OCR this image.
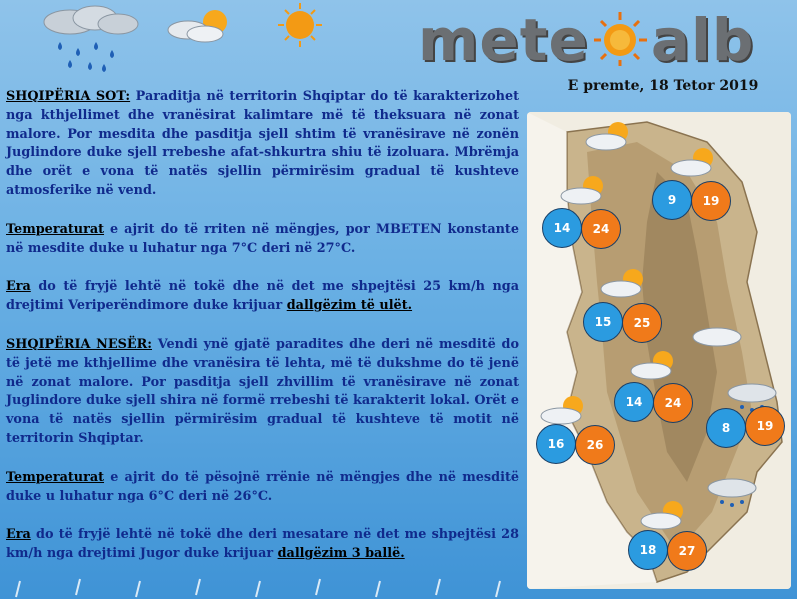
mete alb
E premte, 18 Tetor 2019

SHQIPËRIA SOT: Paraditja në territorin Shqiptar do të karakterizohet nga kthjellimet dhe vranësirat kalimtare më të theksuara në zonat malore. Por mesdita dhe pasditja sjell shtim të vranësirave në zonën Juglindore duke sjell rrebeshe afat-shkurtra shiu të izoluara. Mbrëmja dhe orët e vona të natës sjellin përmirësim gradual të kushteve atmosferike në vend.

Temperaturat e ajrit do të rriten në mëngjes, por MBETEN konstante në mesdite duke u luhatur nga 7°C deri në 27°C.

Era do të fryjë lehtë në tokë dhe në det me shpejtësi 25 km/h nga drejtimi Veriperëndimore duke krijuar dallgëzim të ulët.

SHQIPËRIA NESËR: Vendi ynë gjatë paradites dhe deri në mesditë do të jetë me kthjellime dhe vranësira të lehta, më të dukshme do të jenë në zonat malore. Por pasditja sjell zhvillim të vranësirave në zonat Juglindore duke sjell shira në formë rrebeshi të karakterit lokal. Orët e vona të natës sjellin përmirësim gradual të kushteve të motit në territorin Shqiptar.

Temperaturat e ajrit do të pësojnë rrënie në mëngjes dhe në mesditë duke u luhatur nga 6°C deri në 26°C.

Era do të fryjë lehtë në tokë dhe deri mesatare në det me shpejtësi 28 km/h nga drejtimi Jugor duke krijuar dallgëzim 3 ballë.

9	19
14	24
15	25
14	24
8	19
16	26
18	27
